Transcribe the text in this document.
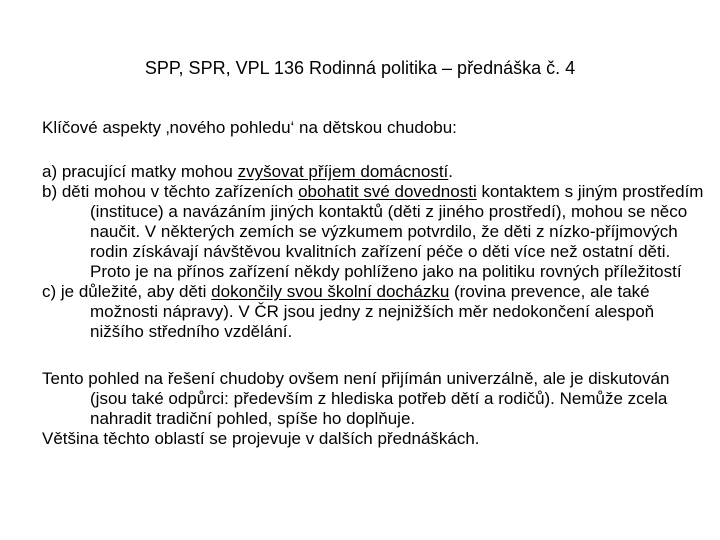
SPP, SPR, VPL 136 Rodinná politika – přednáška č. 4

Klíčové aspekty ‚nového pohledu‘ na dětskou chudobu:

a) pracující matky mohou zvyšovat příjem domácností.

b) děti mohou v těchto zařízeních obohatit své dovednosti kontaktem s jiným prostředím (instituce) a navázáním jiných kontaktů (děti z jiného prostředí), mohou se něco naučit. V některých zemích se výzkumem potvrdilo, že děti z nízko-příjmových rodin získávají návštěvou kvalitních zařízení péče o děti více než ostatní děti. Proto je na přínos zařízení někdy pohlíženo jako na politiku rovných příležitostí

c) je důležité, aby děti dokončily svou školní docházku (rovina prevence, ale také možnosti nápravy). V ČR jsou jedny z nejnižších měr nedokončení alespoň nižšího středního vzdělání.

Tento pohled na řešení chudoby ovšem není přijímán univerzálně, ale je diskutován (jsou také odpůrci: především z hlediska potřeb dětí a rodičů). Nemůže zcela nahradit tradiční pohled, spíše ho doplňuje.

Většina těchto oblastí se projevuje v dalších přednáškách.
